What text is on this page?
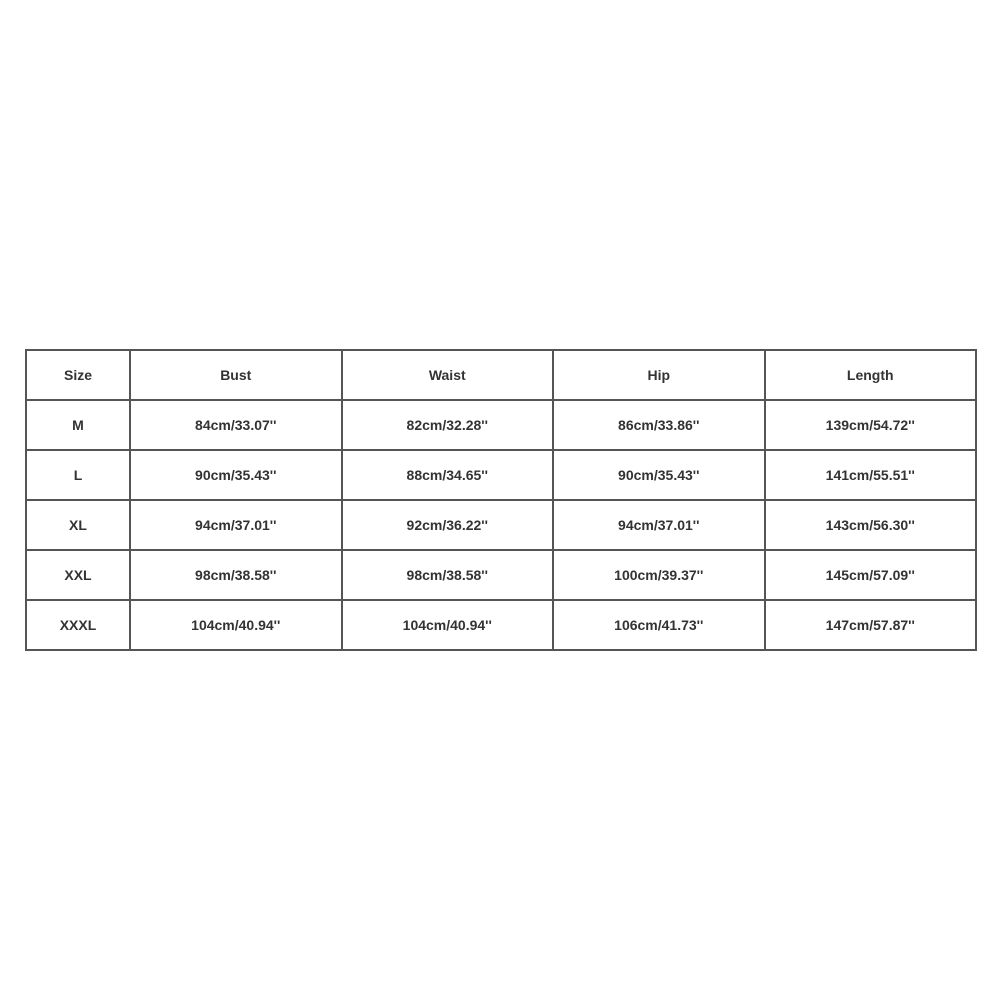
Size	Bust	Waist	Hip	Length
M	84cm/33.07''	82cm/32.28''	86cm/33.86''	139cm/54.72''
L	90cm/35.43''	88cm/34.65''	90cm/35.43''	141cm/55.51''
XL	94cm/37.01''	92cm/36.22''	94cm/37.01''	143cm/56.30''
XXL	98cm/38.58''	98cm/38.58''	100cm/39.37''	145cm/57.09''
XXXL	104cm/40.94''	104cm/40.94''	106cm/41.73''	147cm/57.87''
